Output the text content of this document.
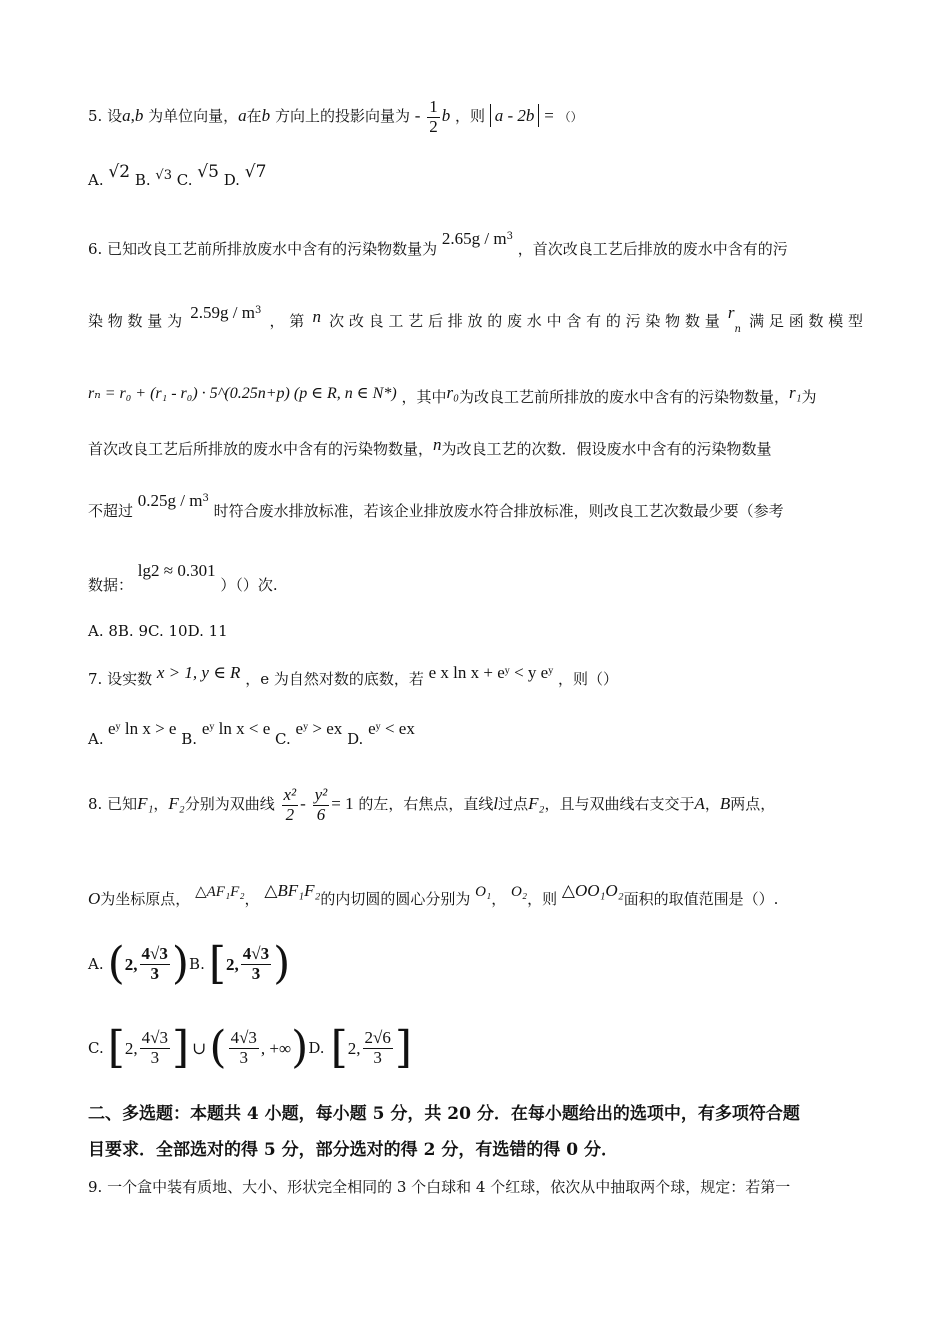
5. 设a,b 为单位向量，a在b 方向上的投影向量为 - $\frac{1}{2}$ b ，则 a - 2b = （）
A. √2 B. √3 C. √5 D. √7
6. 已知改良工艺前所排放废水中含有的污染物数量为 $2.65g / m^3$ ，首次改良工艺后排放的废水中含有的污
染 物 数 量 为 $2.59g / m^3$
， 第 n 次 改 良 工 艺 后 排 放 的 废 水 中 含 有 的 污 染 物 数 量 $r_n$ 满 足 函 数 模 型
rₙ = r₀ + (r₁ - r₀) · 5^(0.25n+p) (p ∈ R, n ∈ N*) ，其中r₀为改良工艺前所排放的废水中含有的污染物数量，r₁为
首次改良工艺后所排放的废水中含有的污染物数量，n为改良工艺的次数．假设废水中含有的污染物数量
不超过 $0.25g / m^3$ 时符合废水排放标准，若该企业排放废水符合排放标准，则改良工艺次数最少要（参考
数据： lg2 ≈ 0.301 ）（）次.
A. 8B. 9C. 10D. 11
7. 设实数 x > 1, y ∈ R ，e 为自然对数的底数，若 e x ln x + eʸ < y eʸ ，则（）
eʸ ln x > e B. eʸ ln x < e C. eʸ > ex D. eʸ < ex
A.
8. 已知F₁，F₂分别为双曲线 $\frac{\text{x²}}{2} - \frac{\text{y²}}{6} = 1$ 的左，右焦点，直线l过点F₂，且与双曲线右支交于A，B两点，
O为坐标原点， △AF₁F₂， △BF₁F₂的内切圆的圆心分别为 O₁， O₂，则 △OO₁O₂面积的取值范围是（）.
A. ( 2, $\frac{4√3}{3}$ ) B. [ 2, $\frac{4√3}{3}$ )
C. [ 2, $\frac{4√3}{3}$ ] ∪ ( $\frac{4√3}{3}$ , +∞ ) D. [ 2, $\frac{2√6}{3}$ ]
二、多选题：本题共 4 小题，每小题 5 分，共 20 分．在每小题给出的选项中，有多项符合题
目要求．全部选对的得 5 分，部分选对的得 2 分，有选错的得 0 分．
9. 一个盒中装有质地、大小、形状完全相同的 3 个白球和 4 个红球，依次从中抽取两个球，规定：若第一
